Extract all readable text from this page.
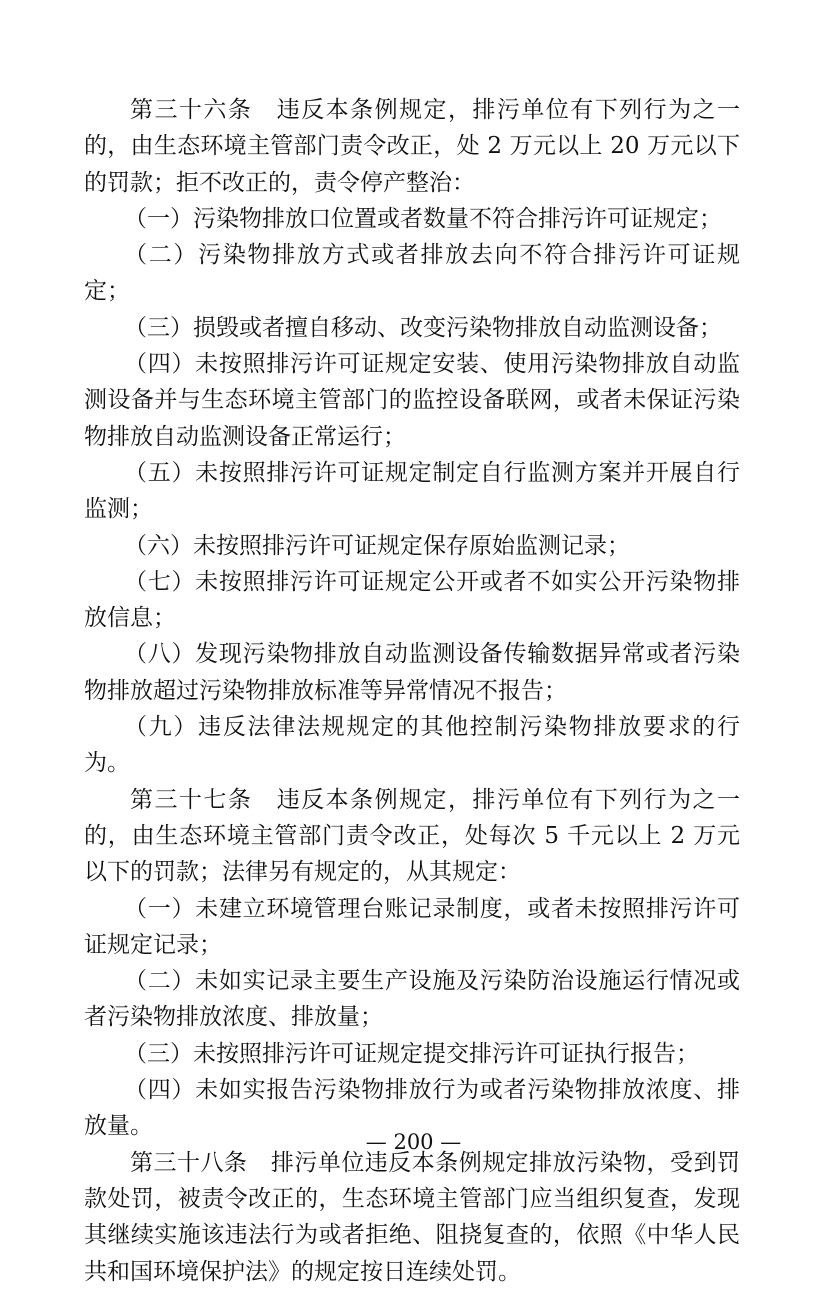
第三十六条　违反本条例规定，排污单位有下列行为之一的，由生态环境主管部门责令改正，处 2 万元以上 20 万元以下的罚款；拒不改正的，责令停产整治：

（一）污染物排放口位置或者数量不符合排污许可证规定；

（二）污染物排放方式或者排放去向不符合排污许可证规定；

（三）损毁或者擅自移动、改变污染物排放自动监测设备；

（四）未按照排污许可证规定安装、使用污染物排放自动监测设备并与生态环境主管部门的监控设备联网，或者未保证污染物排放自动监测设备正常运行；

（五）未按照排污许可证规定制定自行监测方案并开展自行监测；

（六）未按照排污许可证规定保存原始监测记录；

（七）未按照排污许可证规定公开或者不如实公开污染物排放信息；

（八）发现污染物排放自动监测设备传输数据异常或者污染物排放超过污染物排放标准等异常情况不报告；

（九）违反法律法规规定的其他控制污染物排放要求的行为。

第三十七条　违反本条例规定，排污单位有下列行为之一的，由生态环境主管部门责令改正，处每次 5 千元以上 2 万元以下的罚款；法律另有规定的，从其规定：

（一）未建立环境管理台账记录制度，或者未按照排污许可证规定记录；

（二）未如实记录主要生产设施及污染防治设施运行情况或者污染物排放浓度、排放量；

（三）未按照排污许可证规定提交排污许可证执行报告；

（四）未如实报告污染物排放行为或者污染物排放浓度、排放量。

第三十八条　排污单位违反本条例规定排放污染物，受到罚款处罚，被责令改正的，生态环境主管部门应当组织复查，发现其继续实施该违法行为或者拒绝、阻挠复查的，依照《中华人民共和国环境保护法》的规定按日连续处罚。

— 200 —
